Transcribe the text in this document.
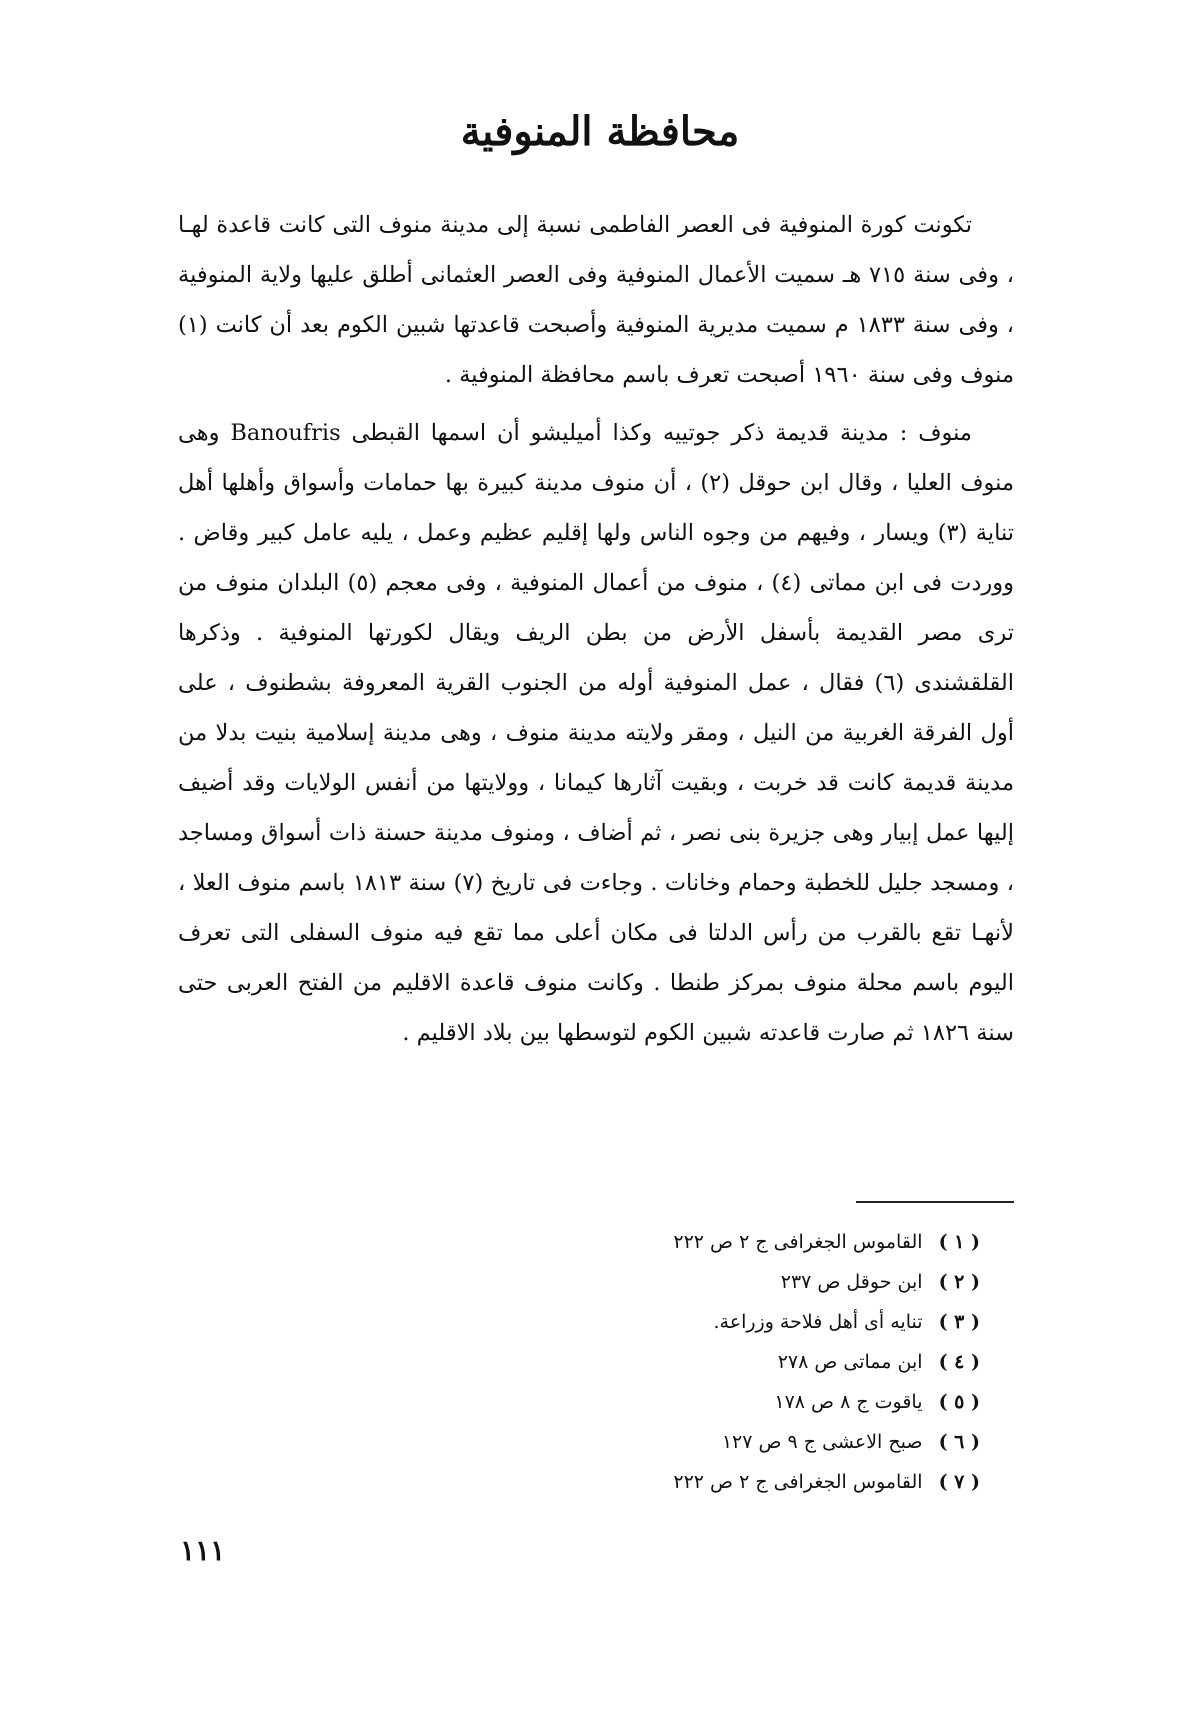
محافظة المنوفية

تكونت كورة المنوفية فى العصر الفاطمى نسبة إلى مدينة منوف التى كانت قاعدة لهـا ، وفى سنة ٧١٥ هـ سميت الأعمال المنوفية وفى العصر العثمانى أطلق عليها ولاية المنوفية ، وفى سنة ١٨٣٣ م سميت مديرية المنوفية وأصبحت قاعدتها شبين الكوم بعد أن كانت (١) منوف وفى سنة ١٩٦٠ أصبحت تعرف باسم محافظة المنوفية .

منوف : مدينة قديمة ذكر جوتييه وكذا أميليشو أن اسمها القبطى Banoufris وهى منوف العليا ، وقال ابن حوقل (٢) ، أن منوف مدينة كبيرة بها حمامات وأسواق وأهلها أهل تناية (٣) ويسار ، وفيهم من وجوه الناس ولها إقليم عظيم وعمل ، يليه عامل كبير وقاض . ووردت فى ابن مماتى (٤) ، منوف من أعمال المنوفية ، وفى معجم (٥) البلدان منوف من ترى مصر القديمة بأسفل الأرض من بطن الريف ويقال لكورتها المنوفية . وذكرها القلقشندى (٦) فقال ، عمل المنوفية أوله من الجنوب القرية المعروفة بشطنوف ، على أول الفرقة الغربية من النيل ، ومقر ولايته مدينة منوف ، وهى مدينة إسلامية بنيت بدلا من مدينة قديمة كانت قد خربت ، وبقيت آثارها كيمانا ، وولايتها من أنفس الولايات وقد أضيف إليها عمل إبيار وهى جزيرة بنى نصر ، ثم أضاف ، ومنوف مدينة حسنة ذات أسواق ومساجد ، ومسجد جليل للخطبة وحمام وخانات . وجاءت فى تاريخ (٧) سنة ١٨١٣ باسم منوف العلا ، لأنهـا تقع بالقرب من رأس الدلتا فى مكان أعلى مما تقع فيه منوف السفلى التى تعرف اليوم باسم محلة منوف بمركز طنطا . وكانت منوف قاعدة الاقليم من الفتح العربى حتى سنة ١٨٢٦ ثم صارت قاعدته شبين الكوم لتوسطها بين بلاد الاقليم .

( ١ ) القاموس الجغرافى ج ٢ ص ٢٢٢
( ٢ ) ابن حوقل ص ٢٣٧
( ٣ ) تنايه أى أهل فلاحة وزراعة.
( ٤ ) ابن مماتى ص ٢٧٨
( ٥ ) ياقوت ج ٨ ص ١٧٨
( ٦ ) صبح الاعشى ج ٩ ص ١٢٧
( ٧ ) القاموس الجغرافى ج ٢ ص ٢٢٢
١١١
